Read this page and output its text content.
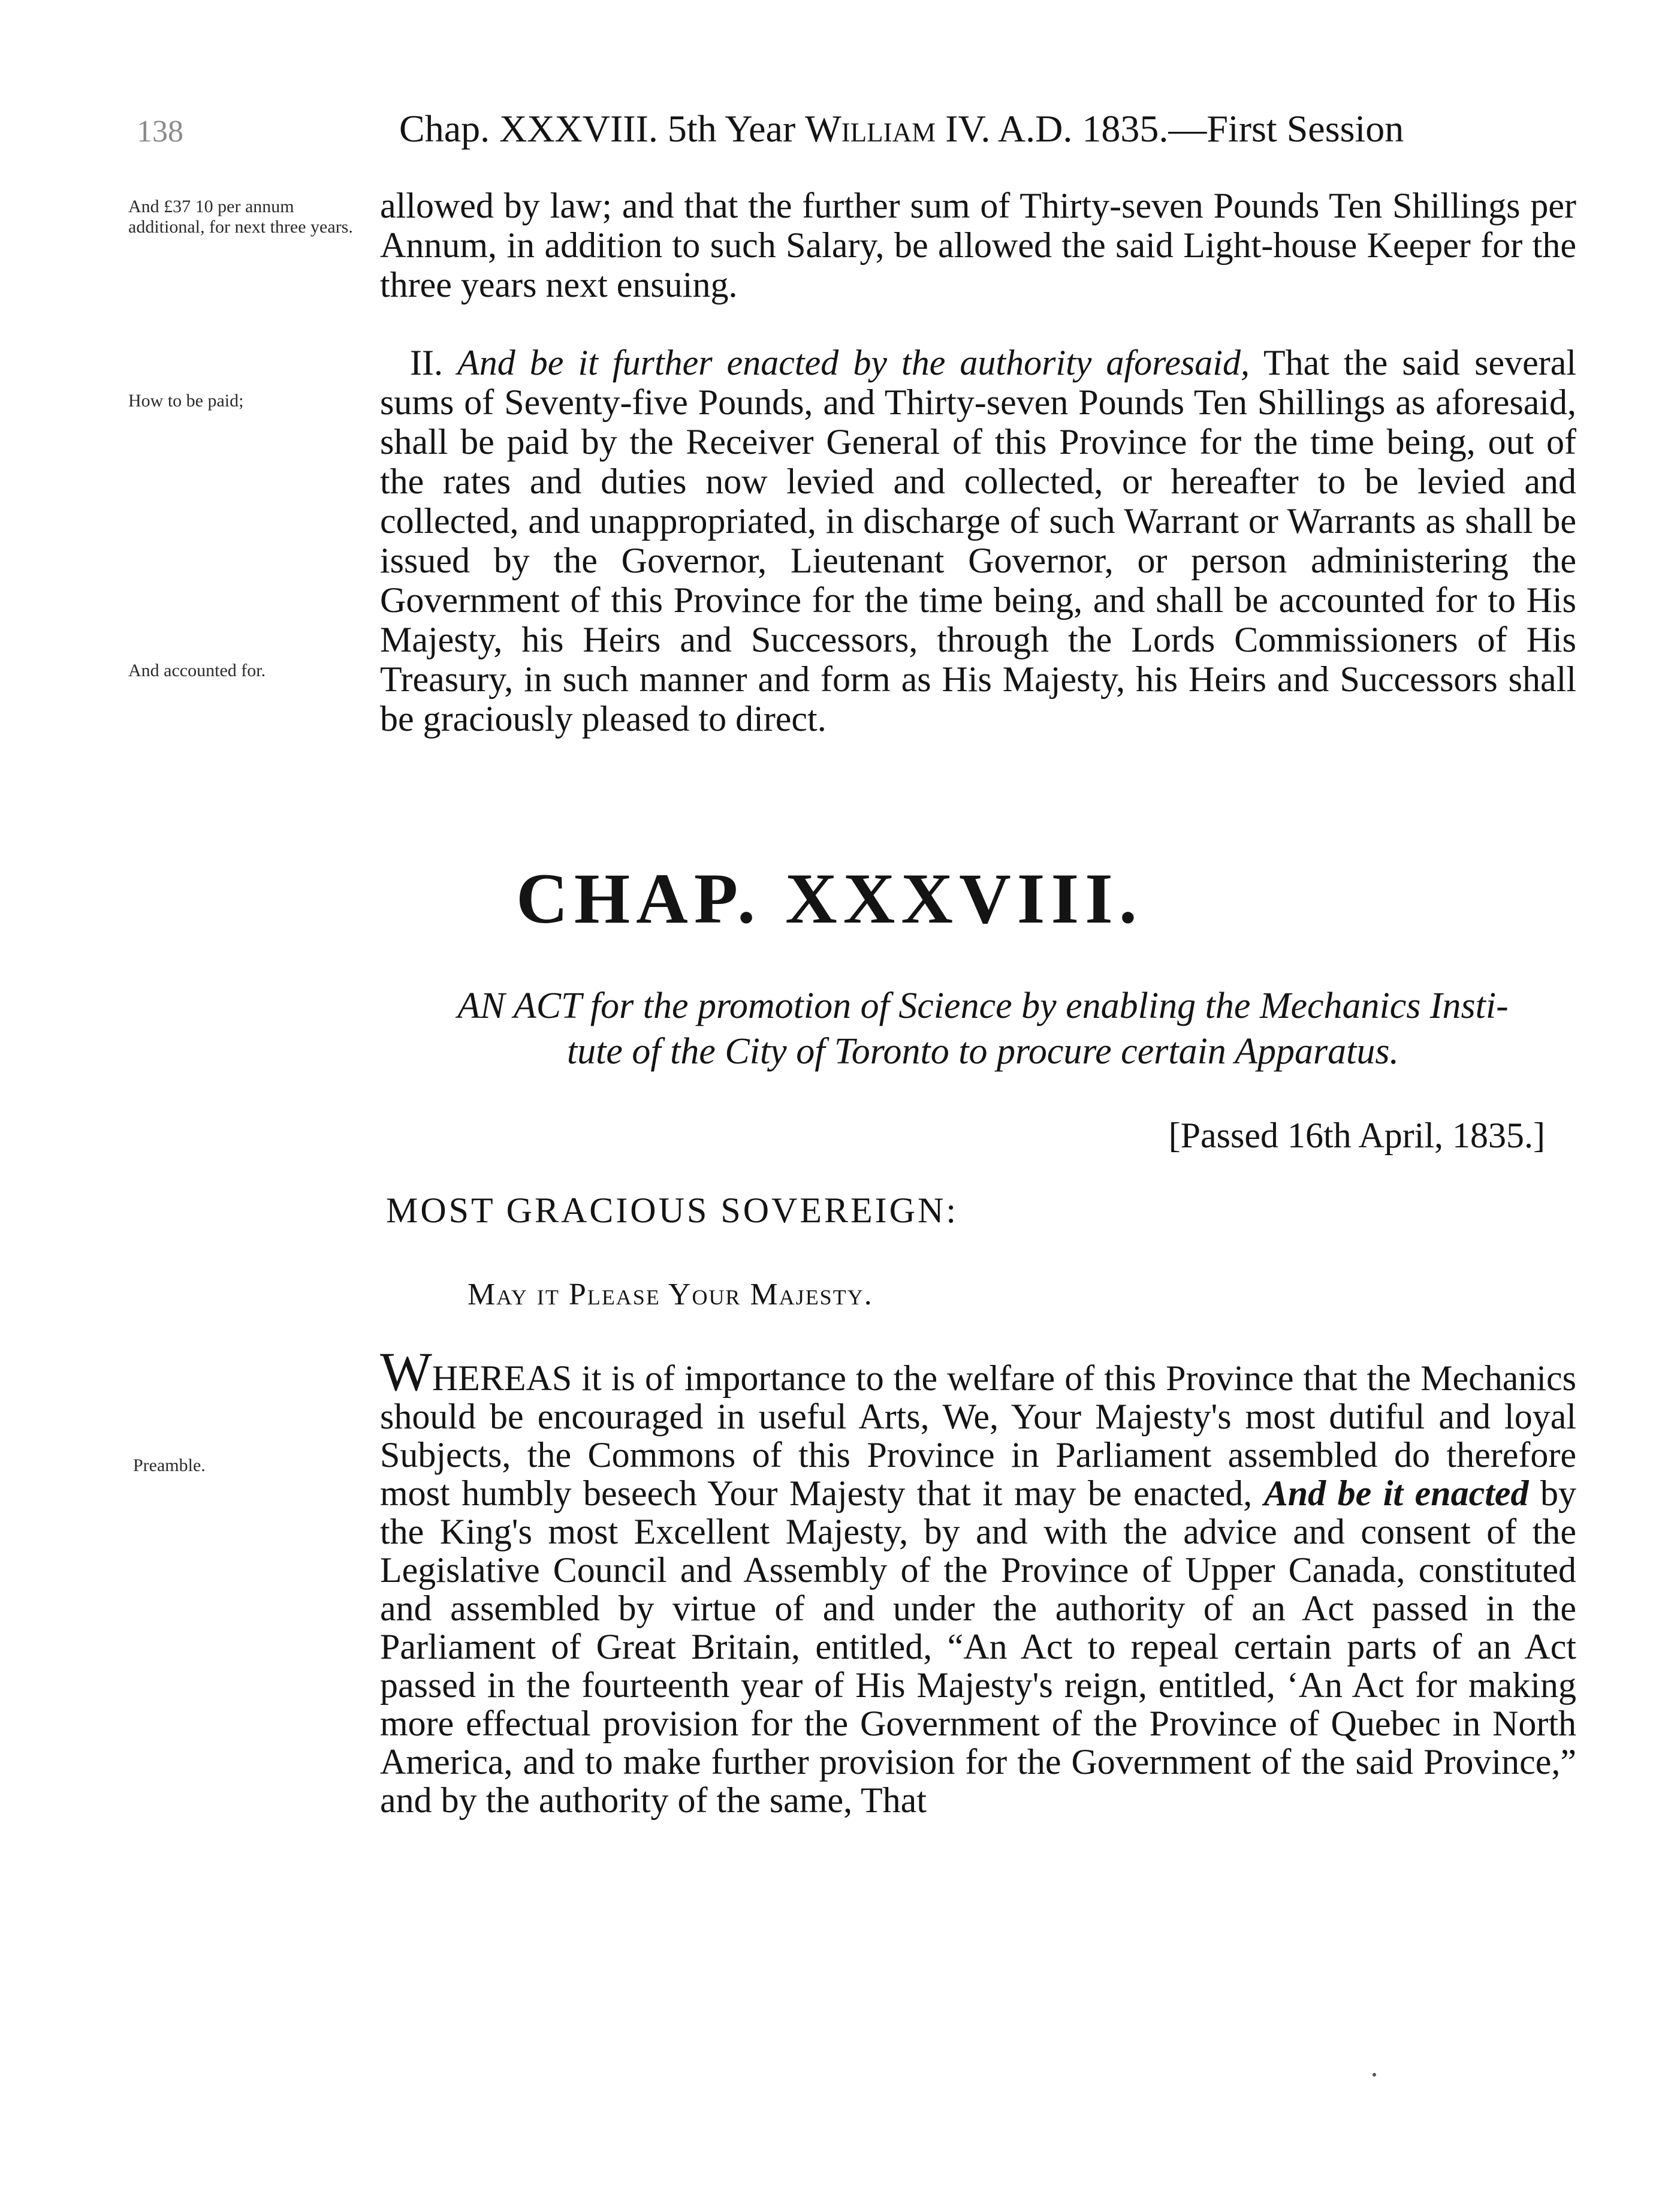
138	Chap. XXXVIII. 5th Year William IV. A.D. 1835.—First Session
And £37 10 per annum additional, for next three years.
How to be paid;
And accounted for.
Preamble.

allowed by law; and that the further sum of Thirty-seven Pounds Ten Shillings per Annum, in addition to such Salary, be allowed the said Light-house Keeper for the three years next ensuing.

II. And be it further enacted by the authority aforesaid, That the said several sums of Seventy-five Pounds, and Thirty-seven Pounds Ten Shillings as aforesaid, shall be paid by the Receiver General of this Province for the time being, out of the rates and duties now levied and collected, or hereafter to be levied and collected, and unappropriated, in discharge of such Warrant or Warrants as shall be issued by the Governor, Lieutenant Governor, or person administering the Government of this Province for the time being, and shall be accounted for to His Majesty, his Heirs and Successors, through the Lords Commissioners of His Treasury, in such manner and form as His Majesty, his Heirs and Successors shall be graciously pleased to direct.

CHAP. XXXVIII.
AN ACT for the promotion of Science by enabling the Mechanics Insti-
tute of the City of Toronto to procure certain Apparatus.
[Passed 16th April, 1835.]
MOST GRACIOUS SOVEREIGN:
May it Please Your Majesty.

WHEREAS it is of importance to the welfare of this Province that the Mechanics should be encouraged in useful Arts, We, Your Majesty's most dutiful and loyal Subjects, the Commons of this Province in Parliament assembled do therefore most humbly beseech Your Majesty that it may be enacted, And be it enacted by the King's most Excellent Majesty, by and with the advice and consent of the Legislative Council and Assembly of the Province of Upper Canada, constituted and assembled by virtue of and under the authority of an Act passed in the Parliament of Great Britain, entitled, “An Act to repeal certain parts of an Act passed in the fourteenth year of His Majesty's reign, entitled, ‘An Act for making more effectual provision for the Government of the Province of Quebec in North America, and to make further provision for the Government of the said Province,” and by the authority of the same, That
